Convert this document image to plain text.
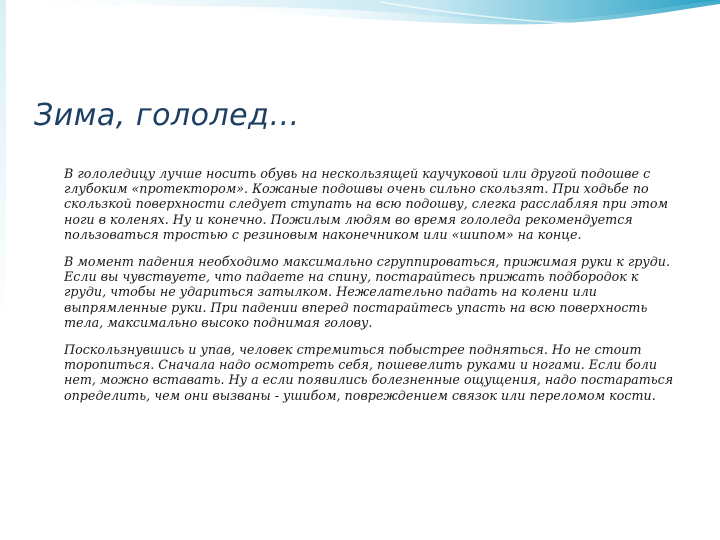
Зима, гололед…

В гололедицу лучше носить обувь на нескользящей каучуковой или другой подошве с глубоким «протектором». Кожаные подошвы очень сильно скользят. При ходьбе по скользкой поверхности следует ступать на всю подошву, слегка расслабляя при этом ноги в коленях. Ну и конечно. Пожилым людям во время гололеда рекомендуется пользоваться тростью с резиновым наконечником или «шипом» на конце.

В момент падения необходимо максимально сгруппироваться, прижимая руки к груди. Если вы чувствуете, что падаете на спину, постарайтесь прижать подбородок к груди, чтобы не удариться затылком. Нежелательно падать на колени или выпрямленные руки. При падении вперед постарайтесь упасть на всю поверхность тела, максимально высоко поднимая голову.

Поскользнувшись и упав, человек стремиться побыстрее подняться. Но не стоит торопиться. Сначала надо осмотреть себя, пошевелить руками и ногами. Если боли нет, можно вставать. Ну а если появились болезненные ощущения, надо постараться определить, чем они вызваны - ушибом, повреждением связок или переломом кости.
